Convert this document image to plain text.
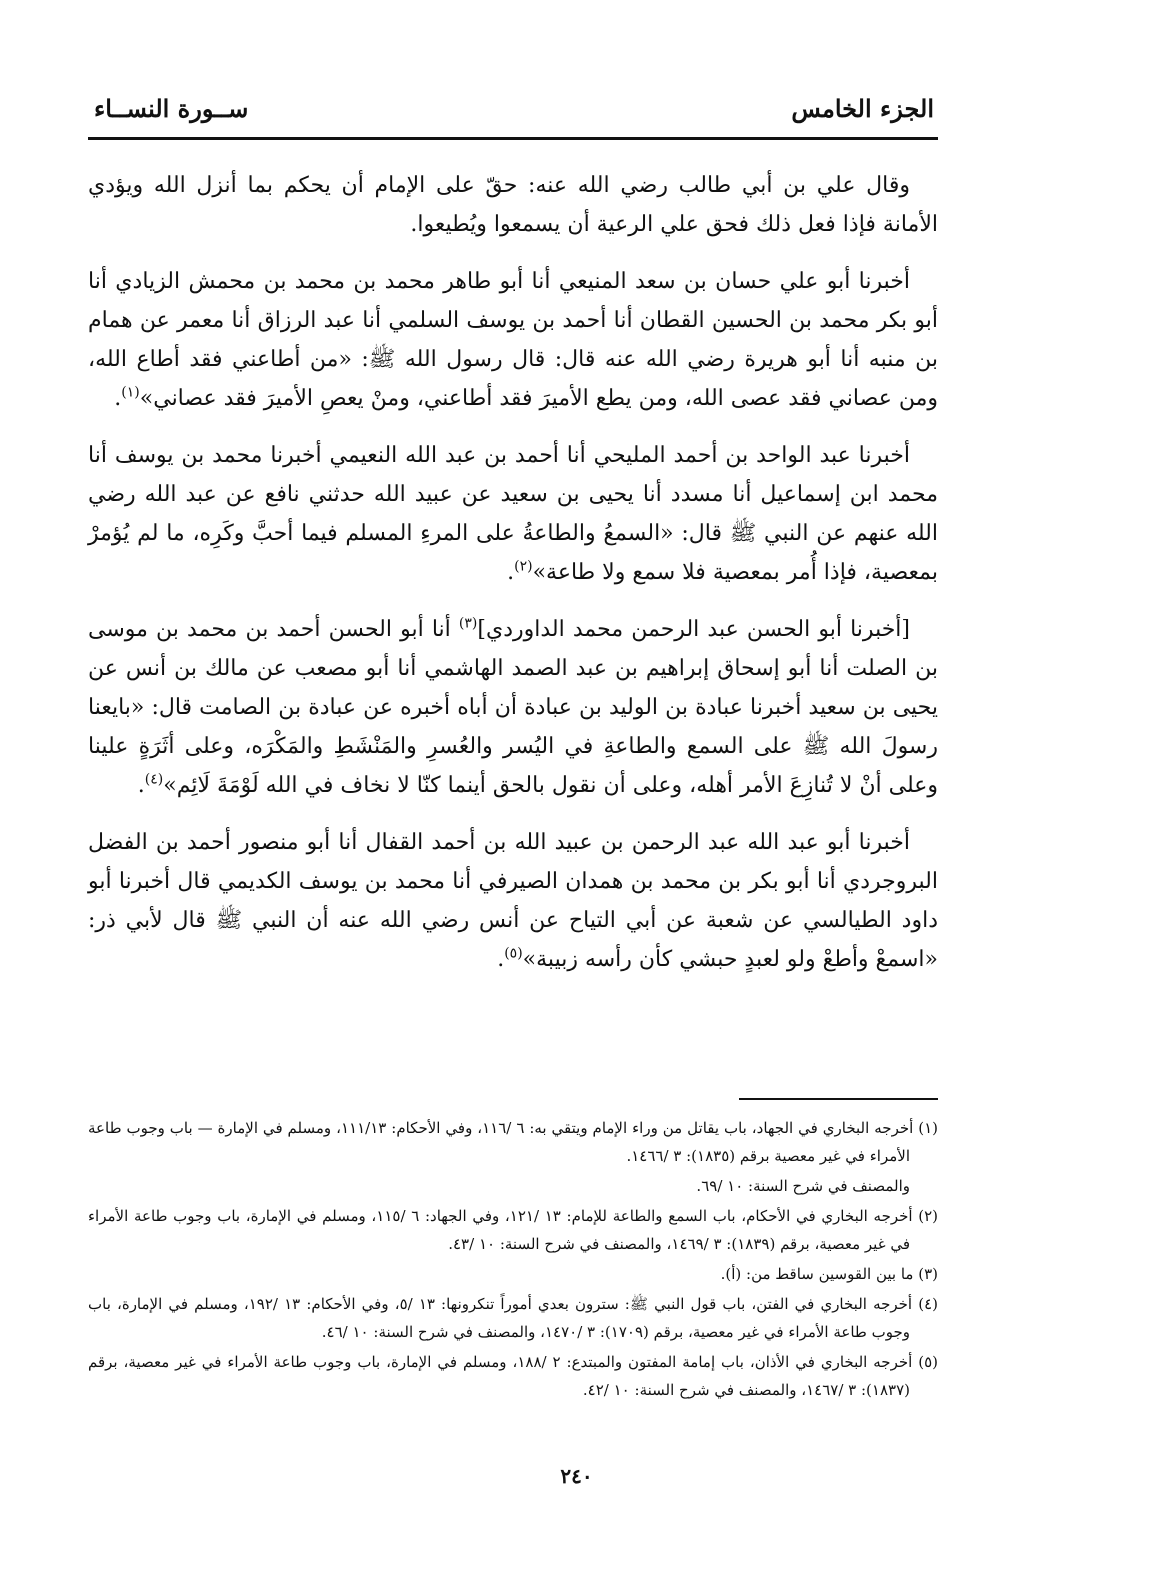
الجزء الخامس
ســورة النســاء

وقال علي بن أبي طالب رضي الله عنه: حقّ على الإمام أن يحكم بما أنزل الله ويؤدي الأمانة فإذا فعل ذلك فحق علي الرعية أن يسمعوا ويُطيعوا.

أخبرنا أبو علي حسان بن سعد المنيعي أنا أبو طاهر محمد بن محمد بن محمش الزيادي أنا أبو بكر محمد بن الحسين القطان أنا أحمد بن يوسف السلمي أنا عبد الرزاق أنا معمر عن همام بن منبه أنا أبو هريرة رضي الله عنه قال: قال رسول الله ﷺ: «من أطاعني فقد أطاع الله، ومن عصاني فقد عصى الله، ومن يطع الأميرَ فقد أطاعني، ومنْ يعصِ الأميرَ فقد عصاني»$^{(١)}$.

أخبرنا عبد الواحد بن أحمد المليحي أنا أحمد بن عبد الله النعيمي أخبرنا محمد بن يوسف أنا محمد ابن إسماعيل أنا مسدد أنا يحيى بن سعيد عن عبيد الله حدثني نافع عن عبد الله رضي الله عنهم عن النبي ﷺ قال: «السمعُ والطاعةُ على المرءِ المسلم فيما أحبَّ وكَرِه، ما لم يُؤمرْ بمعصية، فإذا أُمر بمعصية فلا سمع ولا طاعة»$^{(٢)}$.

[أخبرنا أبو الحسن عبد الرحمن محمد الداوردي]$^{(٣)}$ أنا أبو الحسن أحمد بن محمد بن موسى بن الصلت أنا أبو إسحاق إبراهيم بن عبد الصمد الهاشمي أنا أبو مصعب عن مالك بن أنس عن يحيى بن سعيد أخبرنا عبادة بن الوليد بن عبادة أن أباه أخبره عن عبادة بن الصامت قال: «بايعنا رسولَ الله ﷺ على السمع والطاعةِ في اليُسر والعُسرِ والمَنْشَطِ والمَكْرَه، وعلى أثَرَةٍ علينا وعلى أنْ لا تُنازِعَ الأمر أهله، وعلى أن نقول بالحق أينما كنّا لا نخاف في الله لَوْمَةَ لَائِم»$^{(٤)}$.

أخبرنا أبو عبد الله عبد الرحمن بن عبيد الله بن أحمد القفال أنا أبو منصور أحمد بن الفضل البروجردي أنا أبو بكر بن محمد بن همدان الصيرفي أنا محمد بن يوسف الكديمي قال أخبرنا أبو داود الطيالسي عن شعبة عن أبي التياح عن أنس رضي الله عنه أن النبي ﷺ قال لأبي ذر: «اسمعْ وأطعْ ولو لعبدٍ حبشي كأن رأسه زبيبة»$^{(٥)}$.

(١) أخرجه البخاري في الجهاد، باب يقاتل من وراء الإمام ويتقي به: ٦ /١١٦، وفي الأحكام: ١١١/١٣، ومسلم في الإمارة — باب وجوب طاعة الأمراء في غير معصية برقم (١٨٣٥): ٣ /١٤٦٦.
والمصنف في شرح السنة: ١٠ /٦٩.
(٢) أخرجه البخاري في الأحكام، باب السمع والطاعة للإمام: ١٣ /١٢١، وفي الجهاد: ٦ /١١٥، ومسلم في الإمارة، باب وجوب طاعة الأمراء في غير معصية، برقم (١٨٣٩): ٣ /١٤٦٩، والمصنف في شرح السنة: ١٠ /٤٣.
(٣) ما بين القوسين ساقط من: (أ).
(٤) أخرجه البخاري في الفتن، باب قول النبي ﷺ: سترون بعدي أموراً تنكرونها: ١٣ /٥، وفي الأحكام: ١٣ /١٩٢، ومسلم في الإمارة، باب وجوب طاعة الأمراء في غير معصية، برقم (١٧٠٩): ٣ /١٤٧٠، والمصنف في شرح السنة: ١٠ /٤٦.
(٥) أخرجه البخاري في الأذان، باب إمامة المفتون والمبتدع: ٢ /١٨٨، ومسلم في الإمارة، باب وجوب طاعة الأمراء في غير معصية، برقم (١٨٣٧): ٣ /١٤٦٧، والمصنف في شرح السنة: ١٠ /٤٢.
٢٤٠
